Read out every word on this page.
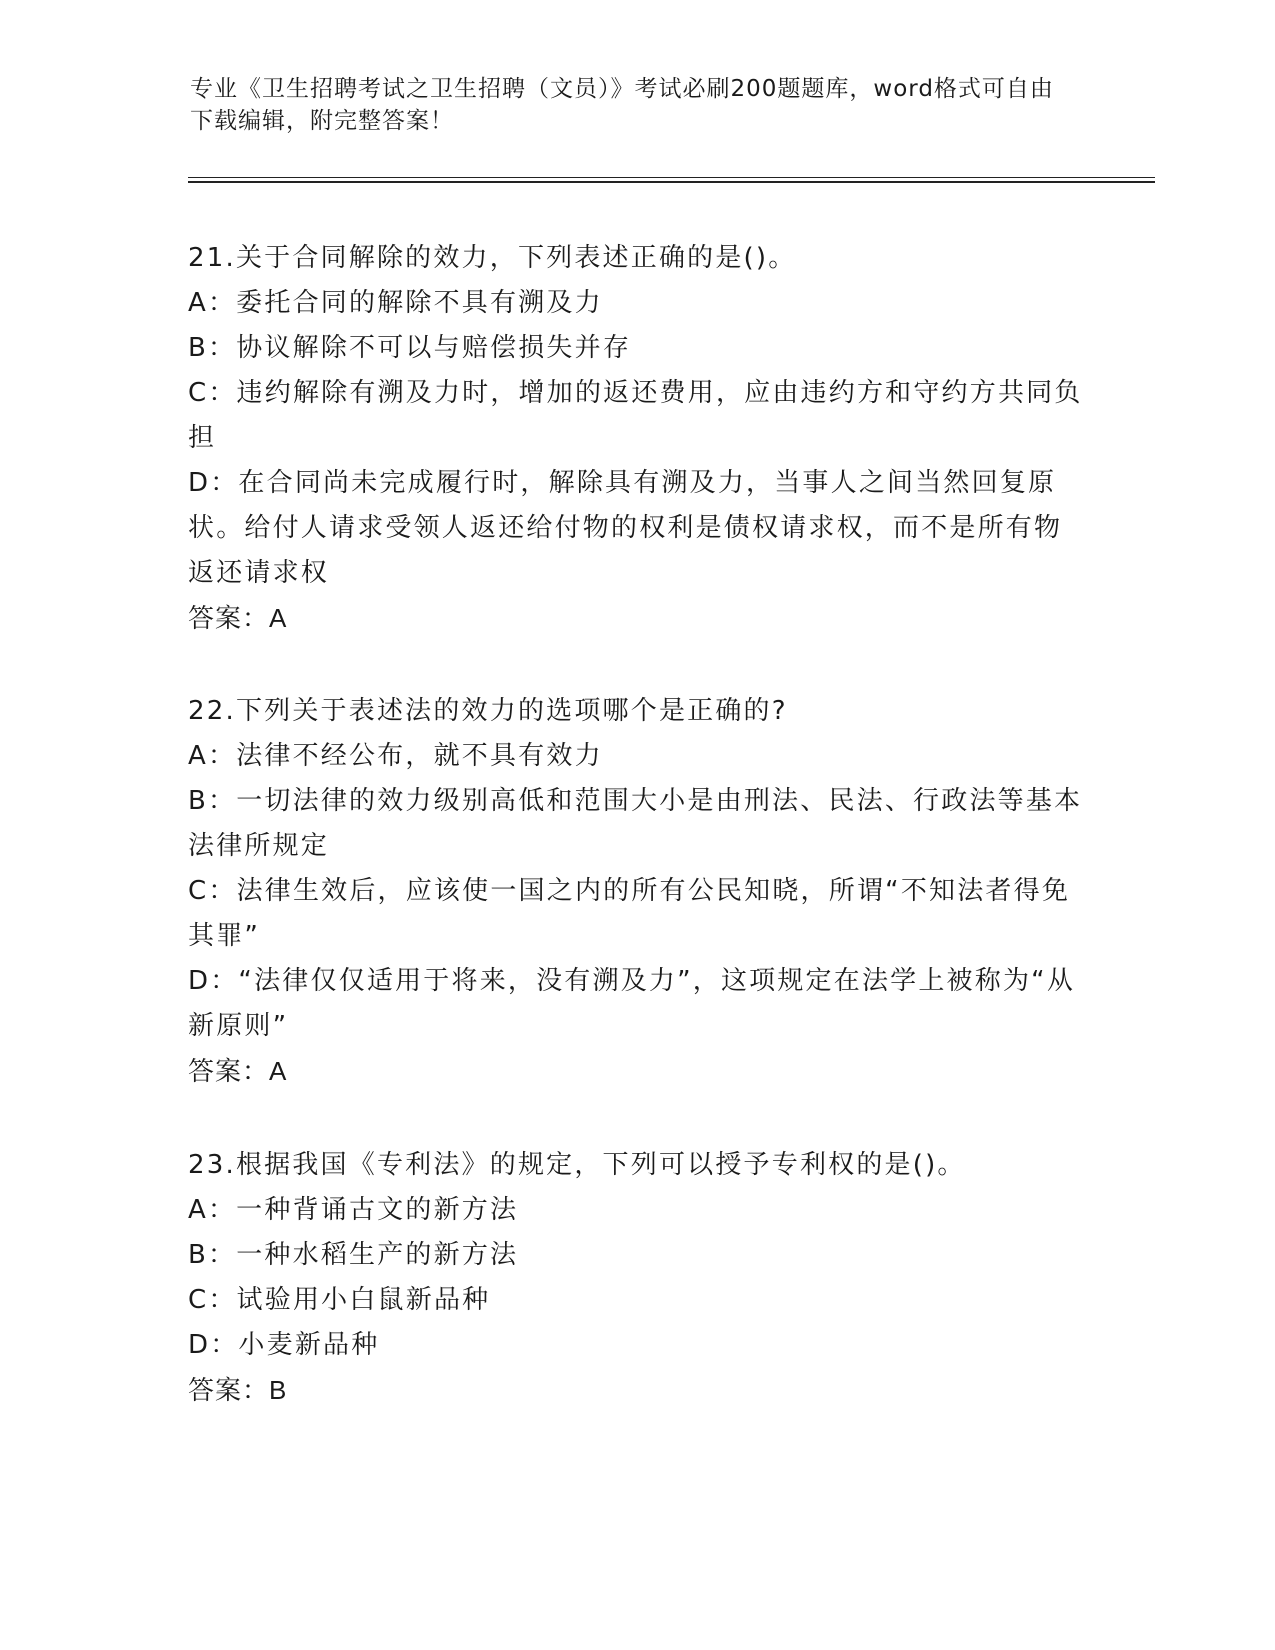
专业《卫生招聘考试之卫生招聘（文员）》考试必刷200题题库，word格式可自由下载编辑，附完整答案！
21.关于合同解除的效力，下列表述正确的是()。
A：委托合同的解除不具有溯及力
B：协议解除不可以与赔偿损失并存
C：违约解除有溯及力时，增加的返还费用，应由违约方和守约方共同负担
D：在合同尚未完成履行时，解除具有溯及力，当事人之间当然回复原状。给付人请求受领人返还给付物的权利是债权请求权，而不是所有物返还请求权
答案：A
22.下列关于表述法的效力的选项哪个是正确的?
A：法律不经公布，就不具有效力
B：一切法律的效力级别高低和范围大小是由刑法、民法、行政法等基本法律所规定
C：法律生效后，应该使一国之内的所有公民知晓，所谓“不知法者得免其罪”
D：“法律仅仅适用于将来，没有溯及力”，这项规定在法学上被称为“从新原则”
答案：A
23.根据我国《专利法》的规定，下列可以授予专利权的是()。
A：一种背诵古文的新方法
B：一种水稻生产的新方法
C：试验用小白鼠新品种
D：小麦新品种
答案：B
